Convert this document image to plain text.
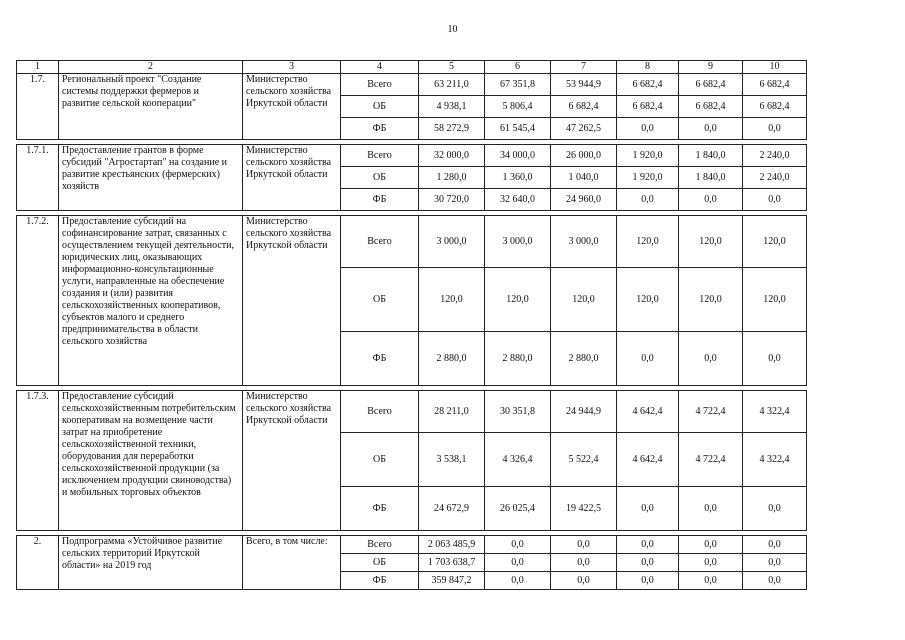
10
1	2	3	4	5	6	7	8	9	10
1.7.	Региональный проект "Создание системы поддержки фермеров и развитие сельской кооперации"	Министерство сельского хозяйства Иркутской области	Всего	63 211,0	67 351,8	53 944,9	6 682,4	6 682,4	6 682,4
			ОБ	4 938,1	5 806,4	6 682,4	6 682,4	6 682,4	6 682,4
			ФБ	58 272,9	61 545,4	47 262,5	0,0	0,0	0,0

1.7.1.	Предоставление грантов в форме субсидий "Агростартап" на создание и развитие крестьянских (фермерских) хозяйств	Министерство сельского хозяйства Иркутской области	Всего	32 000,0	34 000,0	26 000,0	1 920,0	1 840,0	2 240,0
			ОБ	1 280,0	1 360,0	1 040,0	1 920,0	1 840,0	2 240,0
			ФБ	30 720,0	32 640,0	24 960,0	0,0	0,0	0,0

1.7.2.	Предоставление субсидий на софинансирование затрат, связанных с осуществлением текущей деятельности, юридических лиц, оказывающих информационно-консультационные услуги, направленные на обеспечение создания и (или) развития сельскохозяйственных кооперативов, субъектов малого и среднего предпринимательства в области сельского хозяйства	Министерство сельского хозяйства Иркутской области	Всего	3 000,0	3 000,0	3 000,0	120,0	120,0	120,0
			ОБ	120,0	120,0	120,0	120,0	120,0	120,0
			ФБ	2 880,0	2 880,0	2 880,0	0,0	0,0	0,0

1.7.3.	Предоставление субсидий сельскохозяйственным потребительским кооперативам на возмещение части затрат на приобретение сельскохозяйственной техники, оборудования для переработки сельскохозяйственной продукции (за исключением продукции свиноводства) и мобильных торговых объектов	Министерство сельского хозяйства Иркутской области	Всего	28 211,0	30 351,8	24 944,9	4 642,4	4 722,4	4 322,4
			ОБ	3 538,1	4 326,4	5 522,4	4 642,4	4 722,4	4 322,4
			ФБ	24 672,9	26 025,4	19 422,5	0,0	0,0	0,0

2.	Подпрограмма «Устойчивое развитие сельских территорий Иркутской области» на 2019 год	Всего, в том числе:	Всего	2 063 485,9	0,0	0,0	0,0	0,0	0,0
			ОБ	1 703 638,7	0,0	0,0	0,0	0,0	0,0
			ФБ	359 847,2	0,0	0,0	0,0	0,0	0,0
